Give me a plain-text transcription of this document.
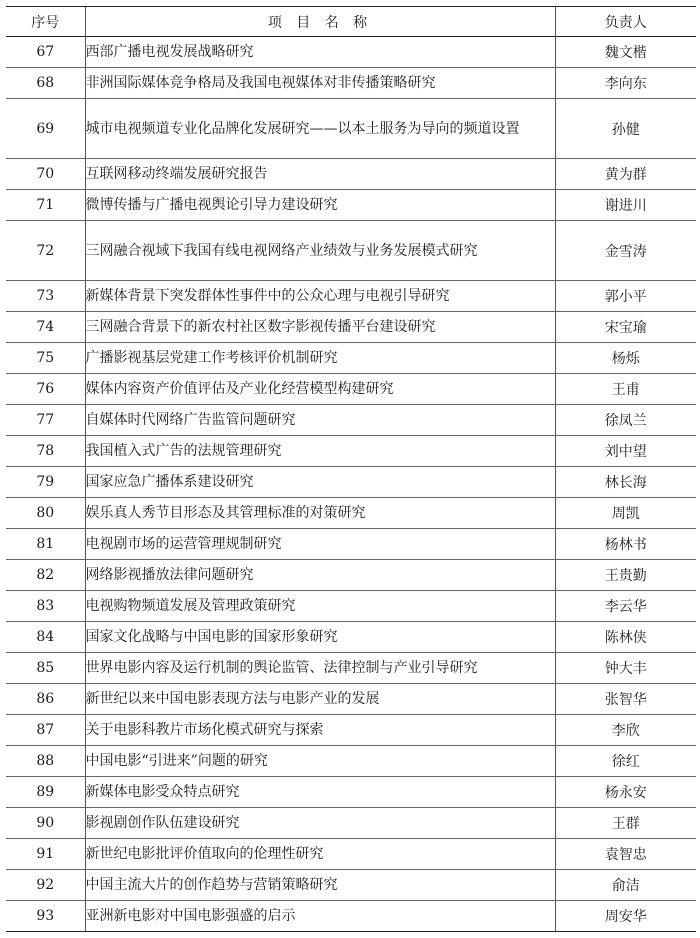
序号	项 目 名 称	负责人
67	西部广播电视发展战略研究	魏文楷
68	非洲国际媒体竞争格局及我国电视媒体对非传播策略研究	李向东
69	城市电视频道专业化品牌化发展研究——以本土服务为导向的频道设置	孙健
70	互联网移动终端发展研究报告	黄为群
71	微博传播与广播电视舆论引导力建设研究	谢进川
72	三网融合视域下我国有线电视网络产业绩效与业务发展模式研究	金雪涛
73	新媒体背景下突发群体性事件中的公众心理与电视引导研究	郭小平
74	三网融合背景下的新农村社区数字影视传播平台建设研究	宋宝瑜
75	广播影视基层党建工作考核评价机制研究	杨烁
76	媒体内容资产价值评估及产业化经营模型构建研究	王甫
77	自媒体时代网络广告监管问题研究	徐凤兰
78	我国植入式广告的法规管理研究	刘中望
79	国家应急广播体系建设研究	林长海
80	娱乐真人秀节目形态及其管理标准的对策研究	周凯
81	电视剧市场的运营管理规制研究	杨林书
82	网络影视播放法律问题研究	王贵勤
83	电视购物频道发展及管理政策研究	李云华
84	国家文化战略与中国电影的国家形象研究	陈林侠
85	世界电影内容及运行机制的舆论监管、法律控制与产业引导研究	钟大丰
86	新世纪以来中国电影表现方法与电影产业的发展	张智华
87	关于电影科教片市场化模式研究与探索	李欣
88	中国电影“引进来”问题的研究	徐红
89	新媒体电影受众特点研究	杨永安
90	影视剧创作队伍建设研究	王群
91	新世纪电影批评价值取向的伦理性研究	袁智忠
92	中国主流大片的创作趋势与营销策略研究	俞洁
93	亚洲新电影对中国电影强盛的启示	周安华
